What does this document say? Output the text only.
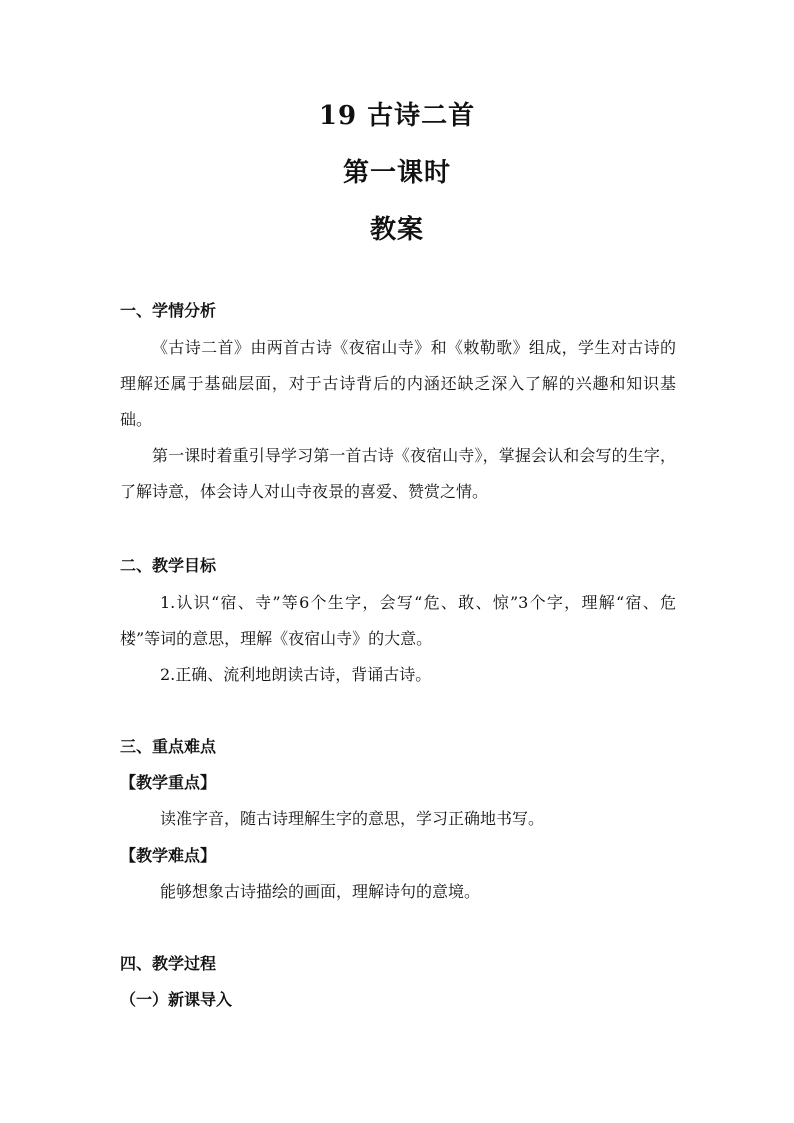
19 古诗二首
第一课时
教案
一、学情分析

《古诗二首》由两首古诗《夜宿山寺》和《敕勒歌》组成，学生对古诗的理解还属于基础层面，对于古诗背后的内涵还缺乏深入了解的兴趣和知识基础。

第一课时着重引导学习第一首古诗《夜宿山寺》，掌握会认和会写的生字，了解诗意，体会诗人对山寺夜景的喜爱、赞赏之情。

二、教学目标

1.认识“宿、寺”等6个生字，会写“危、敢、惊”3个字，理解“宿、危楼”等词的意思，理解《夜宿山寺》的大意。

2.正确、流利地朗读古诗，背诵古诗。
三、重点难点
【教学重点】
读准字音，随古诗理解生字的意思，学习正确地书写。
【教学难点】
能够想象古诗描绘的画面，理解诗句的意境。
四、教学过程
（一）新课导入
